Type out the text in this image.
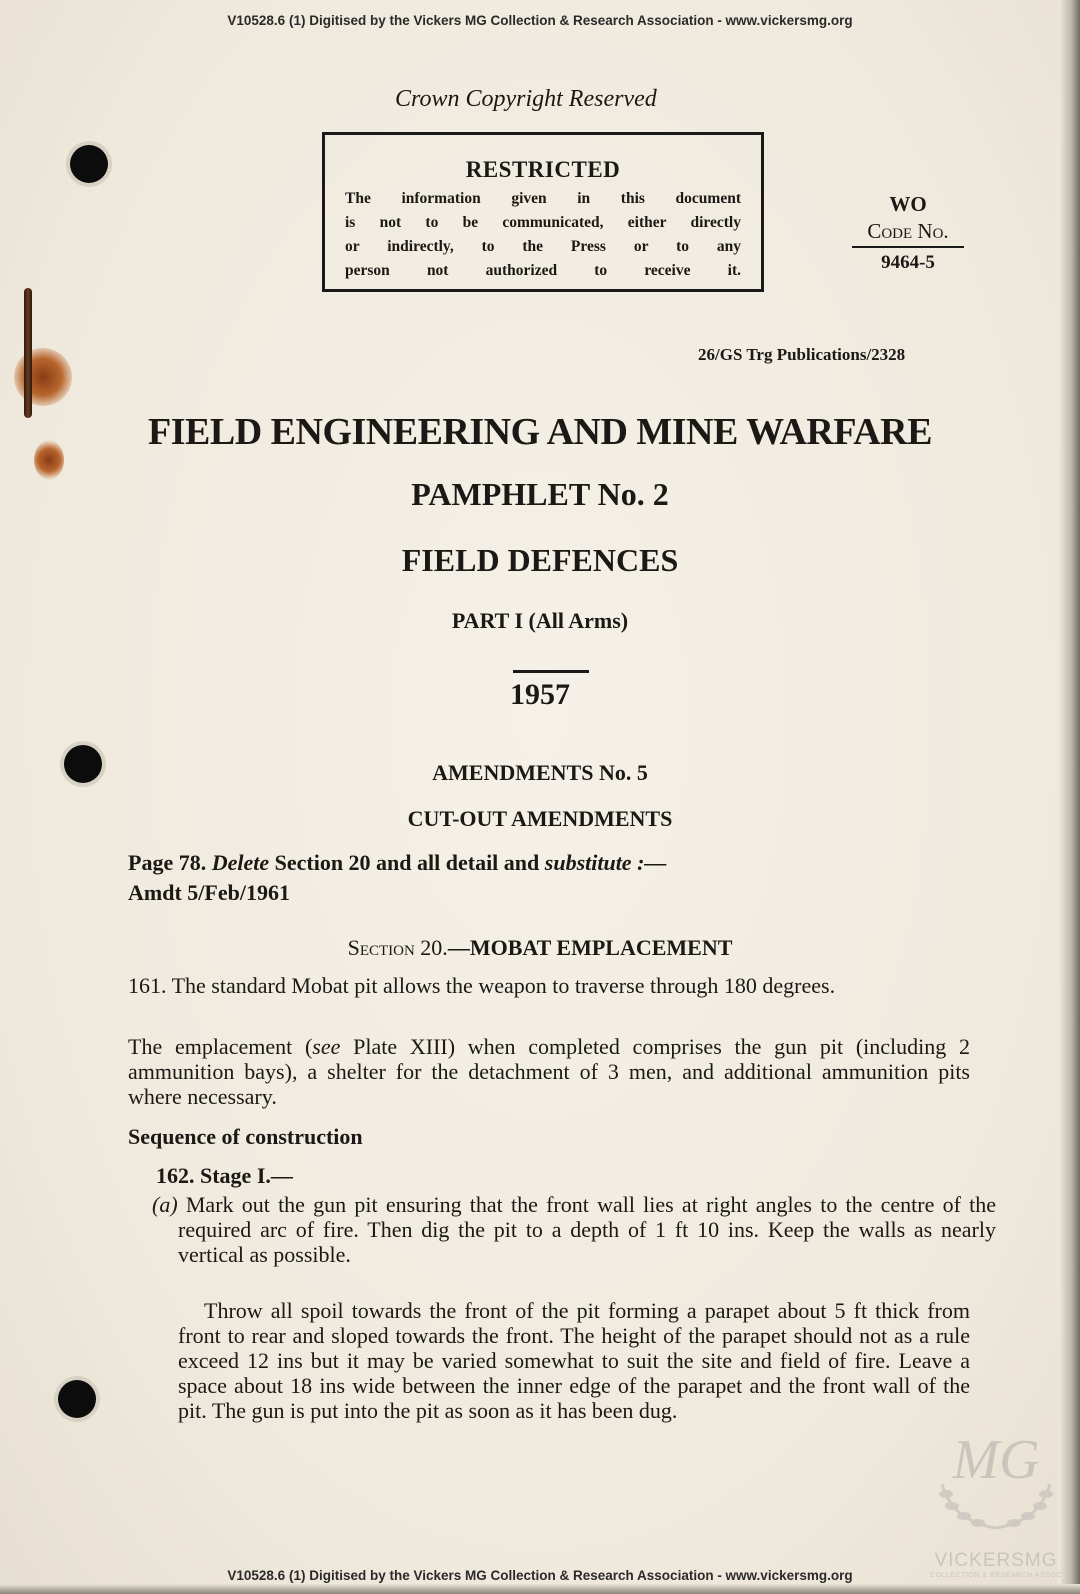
V10528.6 (1) Digitised by the Vickers MG Collection & Research Association - www.vickersmg.org
Crown Copyright Reserved
RESTRICTED
The information given in this document
is not to be communicated, either directly
or indirectly, to the Press or to any
person not authorized to receive it.
WO
Code No.
9464-5
26/GS Trg Publications/2328
FIELD ENGINEERING AND MINE WARFARE
PAMPHLET No. 2
FIELD DEFENCES
PART I (All Arms)
1957
AMENDMENTS No. 5
CUT-OUT AMENDMENTS
Page 78. Delete Section 20 and all detail and substitute :—
Amdt 5/Feb/1961
Section 20.—MOBAT EMPLACEMENT
161. The standard Mobat pit allows the weapon to traverse through 180 degrees.
The emplacement (see Plate XIII) when completed comprises the gun pit (including 2 ammunition bays), a shelter for the detachment of 3 men, and additional ammunition pits where necessary.
Sequence of construction
162. Stage I.—
(a) Mark out the gun pit ensuring that the front wall lies at right angles to the centre of the required arc of fire. Then dig the pit to a depth of 1 ft 10 ins. Keep the walls as nearly vertical as possible.
Throw all spoil towards the front of the pit forming a parapet about 5 ft thick from front to rear and sloped towards the front. The height of the parapet should not as a rule exceed 12 ins but it may be varied somewhat to suit the site and field of fire. Leave a space about 18 ins wide between the inner edge of the parapet and the front wall of the pit. The gun is put into the pit as soon as it has been dug.
MG
VICKERSMG
COLLECTION & RESEARCH ASSOC
V10528.6 (1) Digitised by the Vickers MG Collection & Research Association - www.vickersmg.org
